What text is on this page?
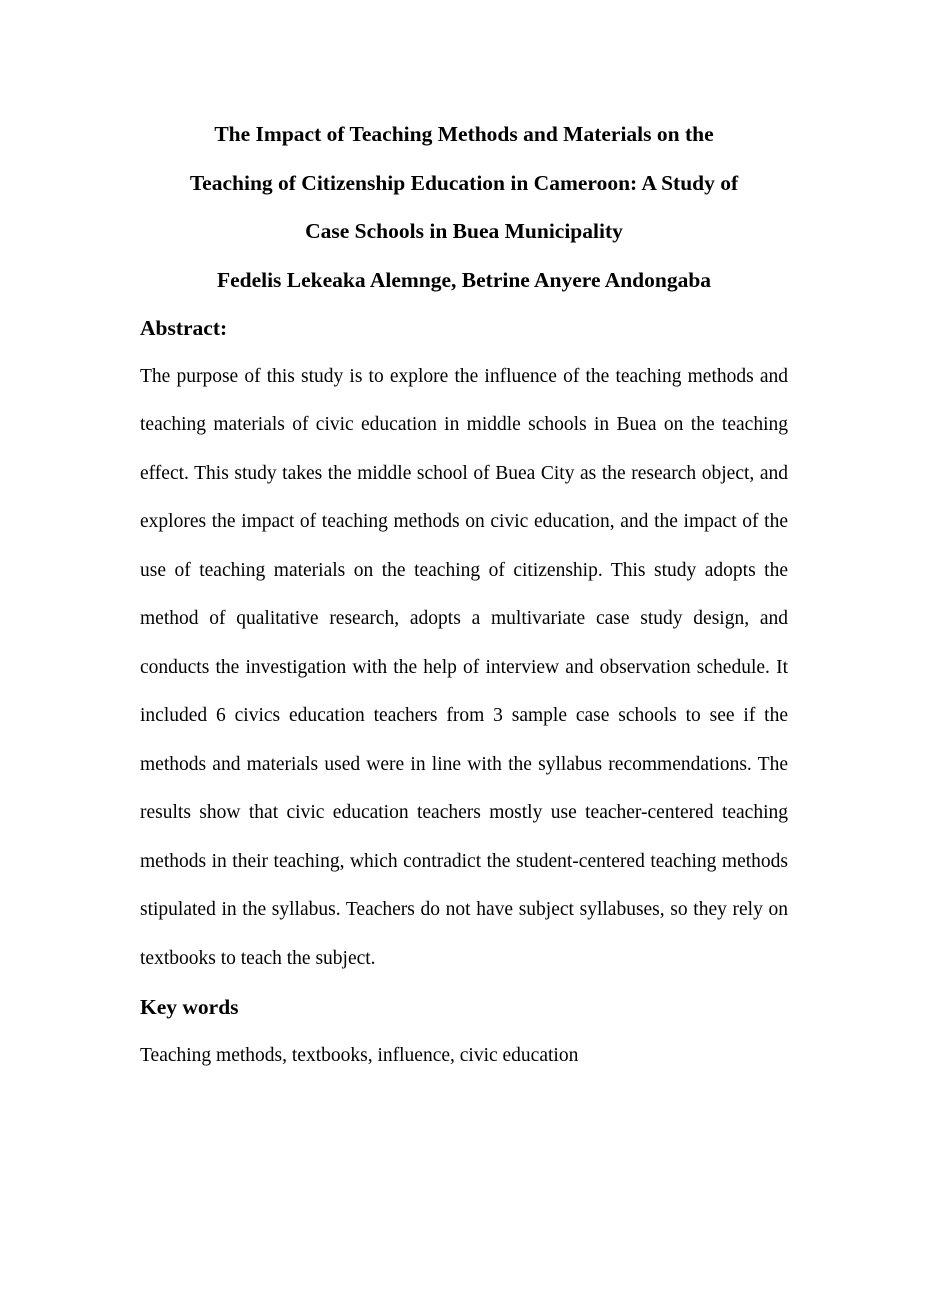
The Impact of Teaching Methods and Materials on the
Teaching of Citizenship Education in Cameroon: A Study of
Case Schools in Buea Municipality
Fedelis Lekeaka Alemnge, Betrine Anyere Andongaba
Abstract:
The purpose of this study is to explore the influence of the teaching methods and teaching materials of civic education in middle schools in Buea on the teaching effect. This study takes the middle school of Buea City as the research object, and explores the impact of teaching methods on civic education, and the impact of the use of teaching materials on the teaching of citizenship. This study adopts the method of qualitative research, adopts a multivariate case study design, and conducts the investigation with the help of interview and observation schedule. It included 6 civics education teachers from 3 sample case schools to see if the methods and materials used were in line with the syllabus recommendations. The results show that civic education teachers mostly use teacher-centered teaching methods in their teaching, which contradict the student-centered teaching methods stipulated in the syllabus. Teachers do not have subject syllabuses, so they rely on textbooks to teach the subject.
Key words
Teaching methods, textbooks, influence, civic education
